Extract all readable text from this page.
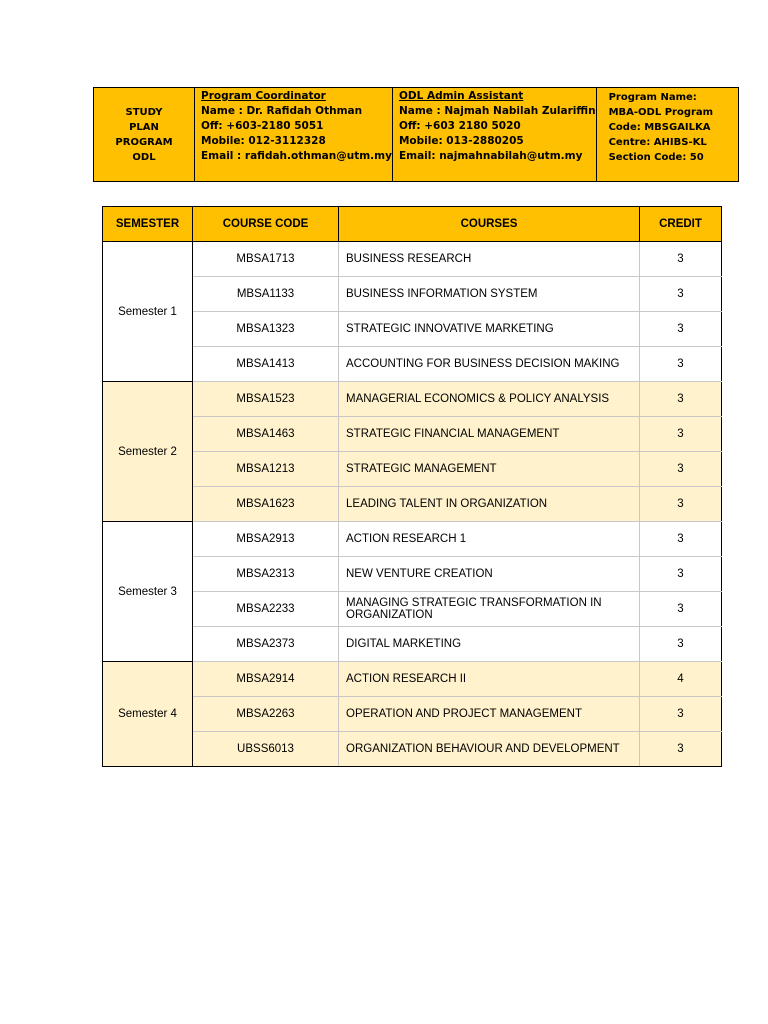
STUDY
PLAN
PROGRAM
ODL

Program Coordinator
Name : Dr. Rafidah Othman
Off: +603-2180 5051
Mobile: 012-3112328
Email : rafidah.othman@utm.my

ODL Admin Assistant
Name : Najmah Nabilah Zulariffin
Off: +603 2180 5020
Mobile: 013-2880205
Email: najmahnabilah@utm.my

Program Name:
MBA-ODL Program
Code: MBSGAILKA
Centre: AHIBS-KL
Section Code: 50
SEMESTER	COURSE CODE	COURSES	CREDIT
Semester 1	MBSA1713	BUSINESS RESEARCH	3
	MBSA1133	BUSINESS INFORMATION SYSTEM	3
	MBSA1323	STRATEGIC INNOVATIVE MARKETING	3
	MBSA1413	ACCOUNTING FOR BUSINESS DECISION MAKING	3
Semester 2	MBSA1523	MANAGERIAL ECONOMICS & POLICY ANALYSIS	3
	MBSA1463	STRATEGIC FINANCIAL MANAGEMENT	3
	MBSA1213	STRATEGIC MANAGEMENT	3
	MBSA1623	LEADING TALENT IN ORGANIZATION	3
Semester 3	MBSA2913	ACTION RESEARCH 1	3
	MBSA2313	NEW VENTURE CREATION	3
	MBSA2233	MANAGING STRATEGIC TRANSFORMATION IN ORGANIZATION	3
	MBSA2373	DIGITAL MARKETING	3
Semester 4	MBSA2914	ACTION RESEARCH II	4
	MBSA2263	OPERATION AND PROJECT MANAGEMENT	3
	UBSS6013	ORGANIZATION BEHAVIOUR AND DEVELOPMENT	3
